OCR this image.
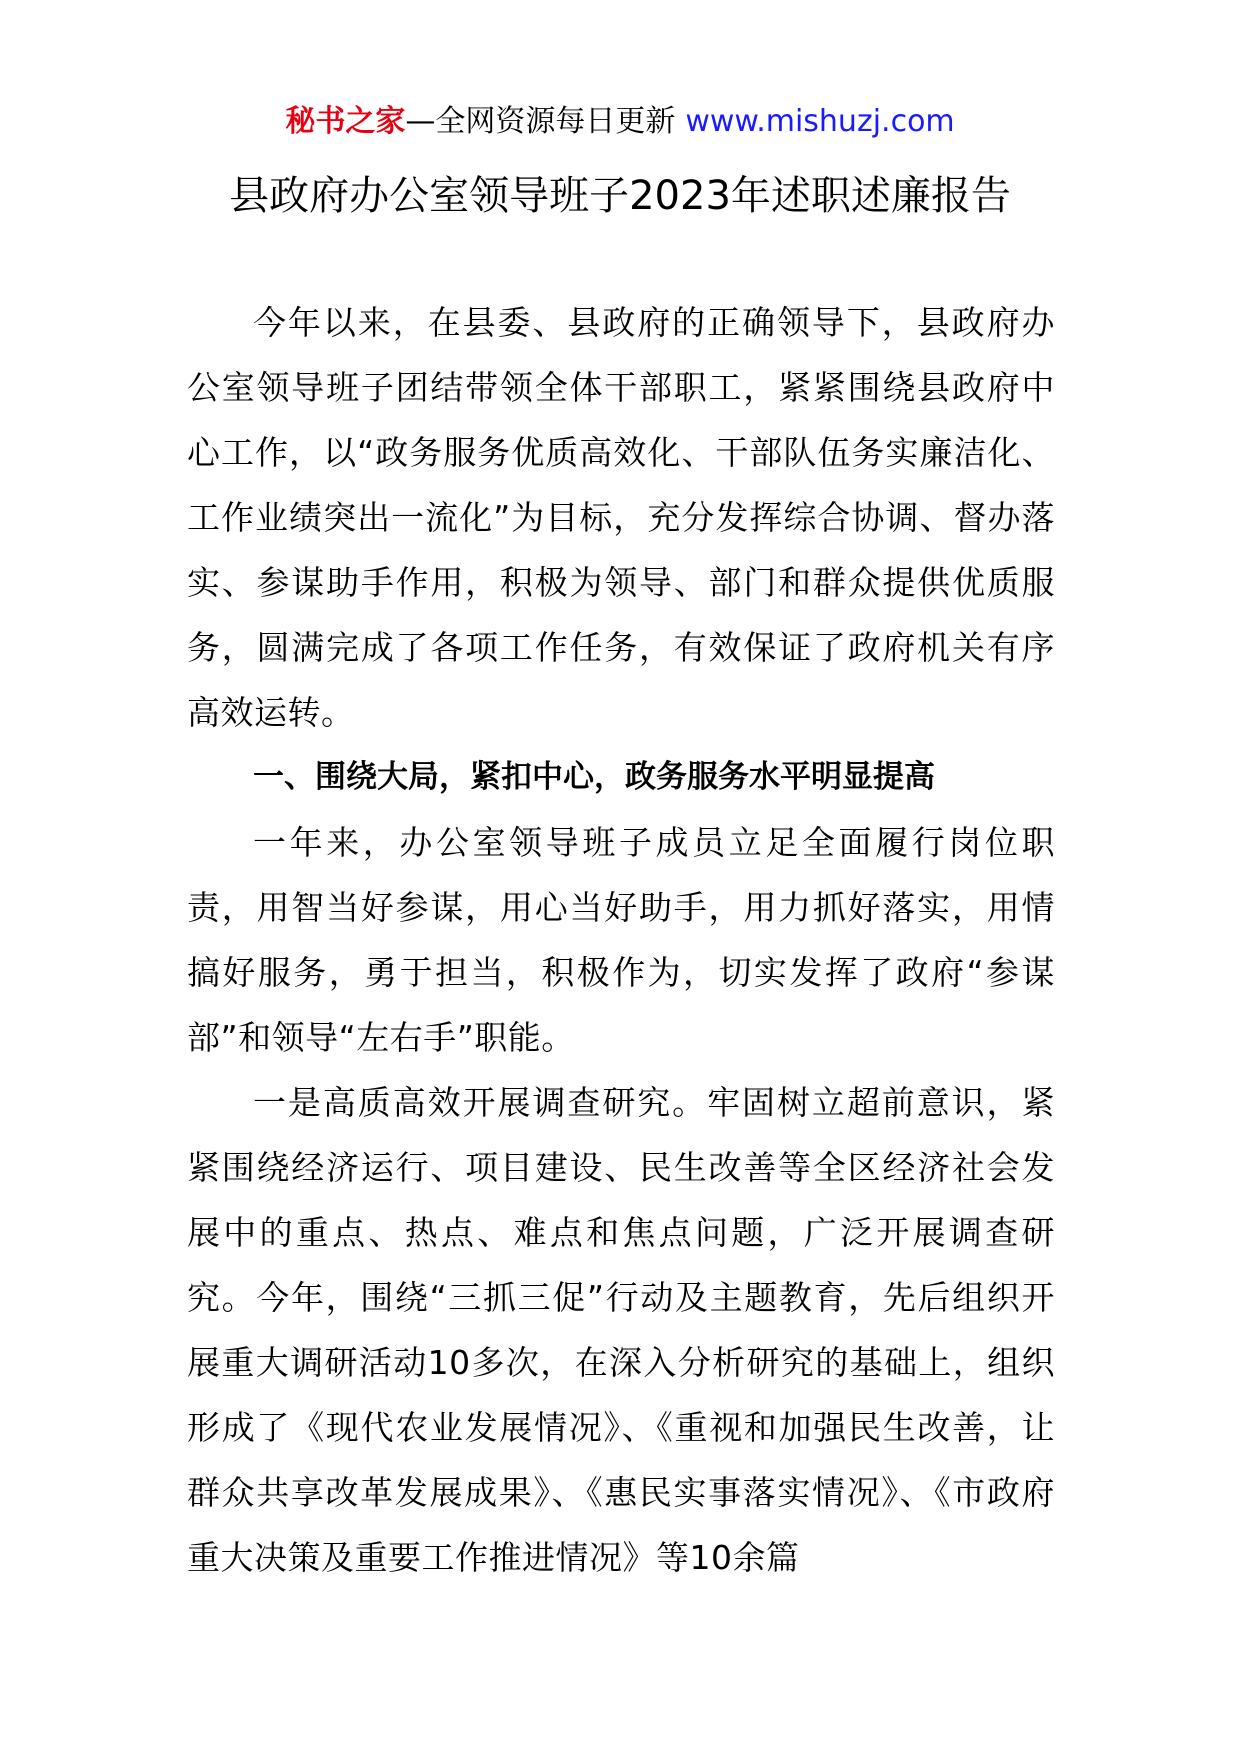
秘书之家—全网资源每日更新 www.mishuzj.com
县政府办公室领导班子2023年述职述廉报告

今年以来，在县委、县政府的正确领导下，县政府办公室领导班子团结带领全体干部职工，紧紧围绕县政府中心工作，以“政务服务优质高效化、干部队伍务实廉洁化、工作业绩突出一流化”为目标，充分发挥综合协调、督办落实、参谋助手作用，积极为领导、部门和群众提供优质服务，圆满完成了各项工作任务，有效保证了政府机关有序高效运转。

一、围绕大局，紧扣中心，政务服务水平明显提高

一年来，办公室领导班子成员立足全面履行岗位职责，用智当好参谋，用心当好助手，用力抓好落实，用情搞好服务，勇于担当，积极作为，切实发挥了政府“参谋部”和领导“左右手”职能。

一是高质高效开展调查研究。牢固树立超前意识，紧紧围绕经济运行、项目建设、民生改善等全区经济社会发展中的重点、热点、难点和焦点问题，广泛开展调查研究。今年，围绕“三抓三促”行动及主题教育，先后组织开展重大调研活动10多次，在深入分析研究的基础上，组织形成了《现代农业发展情况》、《重视和加强民生改善，让群众共享改革发展成果》、《惠民实事落实情况》、《市政府重大决策及重要工作推进情况》等10余篇
